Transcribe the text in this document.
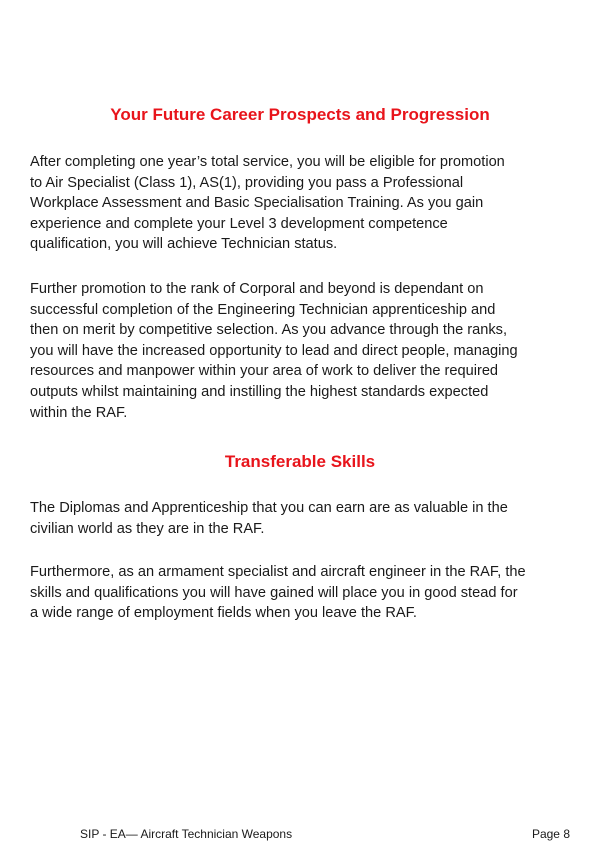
Your Future Career Prospects and Progression

After completing one year’s total service, you will be eligible for promotion
to Air Specialist (Class 1), AS(1), providing you pass a Professional
Workplace Assessment and Basic Specialisation Training. As you gain
experience and complete your Level 3 development competence
qualification, you will achieve Technician status.

Further promotion to the rank of Corporal and beyond is dependant on
successful completion of the Engineering Technician apprenticeship and
then on merit by competitive selection. As you advance through the ranks,
you will have the increased opportunity to lead and direct people, managing
resources and manpower within your area of work to deliver the required
outputs whilst maintaining and instilling the highest standards expected
within the RAF.

Transferable Skills

The Diplomas and Apprenticeship that you can earn are as valuable in the
civilian world as they are in the RAF.

Furthermore, as an armament specialist and aircraft engineer in the RAF, the
skills and qualifications you will have gained will place you in good stead for
a wide range of employment fields when you leave the RAF.

SIP - EA— Aircraft Technician Weapons	Page 8
